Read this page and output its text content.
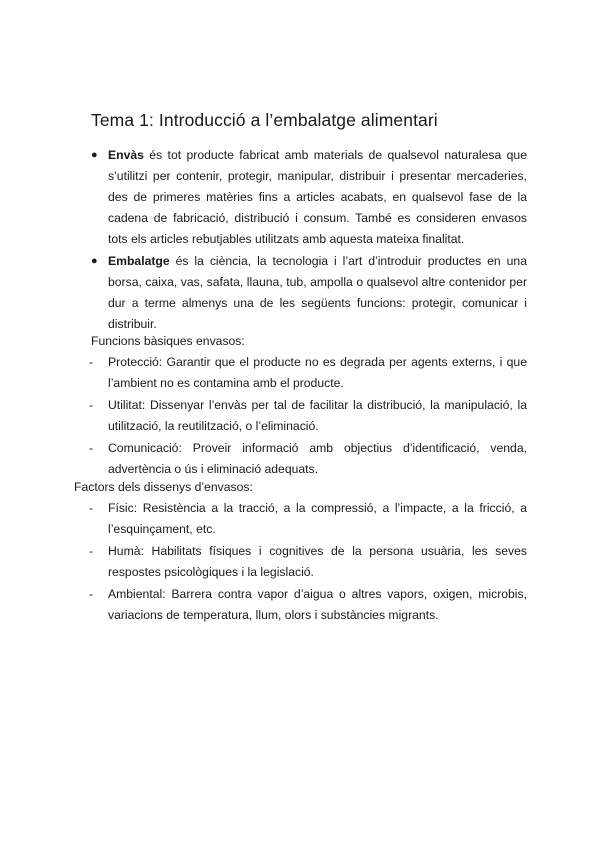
Tema 1: Introducció a l’embalatge alimentari
● Envàs és tot producte fabricat amb materials de qualsevol naturalesa que s’utilitzi per contenir, protegir, manipular, distribuir i presentar mercaderies, des de primeres matèries fins a articles acabats, en qualsevol fase de la cadena de fabricació, distribució i consum. També es consideren envasos tots els articles rebutjables utilitzats amb aquesta mateixa finalitat.
● Embalatge és la ciència, la tecnologia i l’art d’introduir productes en una borsa, caixa, vas, safata, llauna, tub, ampolla o qualsevol altre contenidor per dur a terme almenys una de les següents funcions: protegir, comunicar i distribuir.

Funcions bàsiques envasos:

- Protecció: Garantir que el producte no es degrada per agents externs, i que l’ambient no es contamina amb el producte.
- Utilitat: Dissenyar l’envàs per tal de facilitar la distribució, la manipulació, la utilització, la reutilització, o l’eliminació.
- Comunicació: Proveir informació amb objectius d’identificació, venda, advertència o ús i eliminació adequats.

Factors dels dissenys d’envasos:

- Físic: Resistència a la tracció, a la compressió, a l’impacte, a la fricció, a l’esquinçament, etc.
- Humà: Habilitats físiques i cognitives de la persona usuària, les seves respostes psicològiques i la legislació.
- Ambiental: Barrera contra vapor d’aigua o altres vapors, oxigen, microbis, variacions de temperatura, llum, olors i substàncies migrants.
